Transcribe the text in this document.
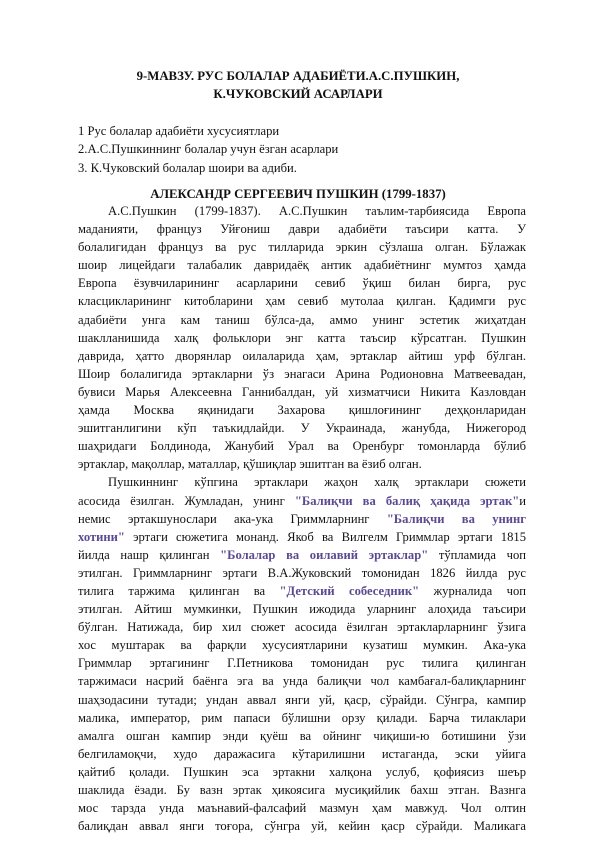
9-МАВЗУ. РУС БОЛАЛАР АДАБИЁТИ.А.С.ПУШКИН,
К.ЧУКОВСКИЙ АСАРЛАРИ
1 Рус болалар адабиёти хусусиятлари
2.А.С.Пушкиннинг болалар учун ёзган асарлари
3. К.Чуковский болалар шоири ва адиби.
АЛЕКСАНДР СЕРГЕЕВИЧ ПУШКИН (1799-1837)
А.С.Пушкин (1799-1837). А.С.Пушкин таълим-тарбиясида Европа
маданияти, француз Уйғониш даври адабиёти таъсири катта. У
болалигидан француз ва рус тилларида эркин сўзлаша олган. Бўлажак
шоир лицейдаги талабалик давридаёқ антик адабиётнинг мумтоз ҳамда
Европа ёзувчиларининг асарларини севиб ўқиш билан бирга, рус
класцикларининг китобларини ҳам севиб мутолаа қилган. Қадимги рус
адабиёти унга кам таниш бўлса-да, аммо унинг эстетик жиҳатдан
шаклланишида халқ фольклори энг катта таъсир кўрсатган. Пушкин
даврида, ҳатто дворянлар оилаларида ҳам, эртаклар айтиш урф бўлган.
Шоир болалигида эртакларни ўз энагаси Арина Родионовна Матвеевадан,
бувиси Марья Алексеевна Ганнибалдан, уй хизматчиси Никита Казловдан
ҳамда Москва яқинидаги Захарова қишлоғининг деҳқонларидан
эшитганлигини кўп таъкидлайди. У Украинада, жанубда, Нижегород
шаҳридаги Болдинода, Жанубий Урал ва Оренбург томонларда бўлиб
эртаклар, мақоллар, маталлар, қўшиқлар эшитган ва ёзиб олган.
Пушкиннинг кўпгина эртаклари жаҳон халқ эртаклари сюжети
асосида ёзилган. Жумладан, унинг "Балиқчи ва балиқ ҳақида эртак"и
немис эртакшунослари ака-ука Гриммларнинг "Балиқчи ва унинг
хотини" эртаги сюжетига монанд. Якоб ва Вилгелм Гриммлар эртаги 1815
йилда нашр қилинган "Болалар ва оилавий эртаклар" тўпламида чоп
этилган. Гриммларнинг эртаги В.А.Жуковский томонидан 1826 йилда рус
тилига таржима қилинган ва "Детский собеседник" журналида чоп
этилган. Айтиш мумкинки, Пушкин ижодида уларнинг алоҳида таъсири
бўлган. Натижада, бир хил сюжет асосида ёзилган эртакларларнинг ўзига
хос муштарак ва фарқли хусусиятларини кузатиш мумкин. Ака-ука
Гриммлар эртагининг Г.Петникова томонидан рус тилига қилинган
таржимаси насрий баёнга эга ва унда балиқчи чол камбағал-балиқларнинг
шаҳзодасини тутади; ундан аввал янги уй, қаср, сўрайди. Сўнгра, кампир
малика, император, рим папаси бўлишни орзу қилади. Барча тилаклари
амалга ошган кампир энди қуёш ва ойнинг чиқиши-ю ботишини ўзи
белгиламоқчи, худо даражасига кўтарилишни истаганда, эски уйига
қайтиб қолади. Пушкин эса эртакни халқона услуб, қофиясиз шеър
шаклида ёзади. Бу вазн эртак ҳикоясига мусиқийлик бахш этган. Вазнга
мос тарзда унда маънавий-фалсафий мазмун ҳам мавжуд. Чол олтин
балиқдан аввал янги тоғора, сўнгра уй, кейин қаср сўрайди. Маликага
